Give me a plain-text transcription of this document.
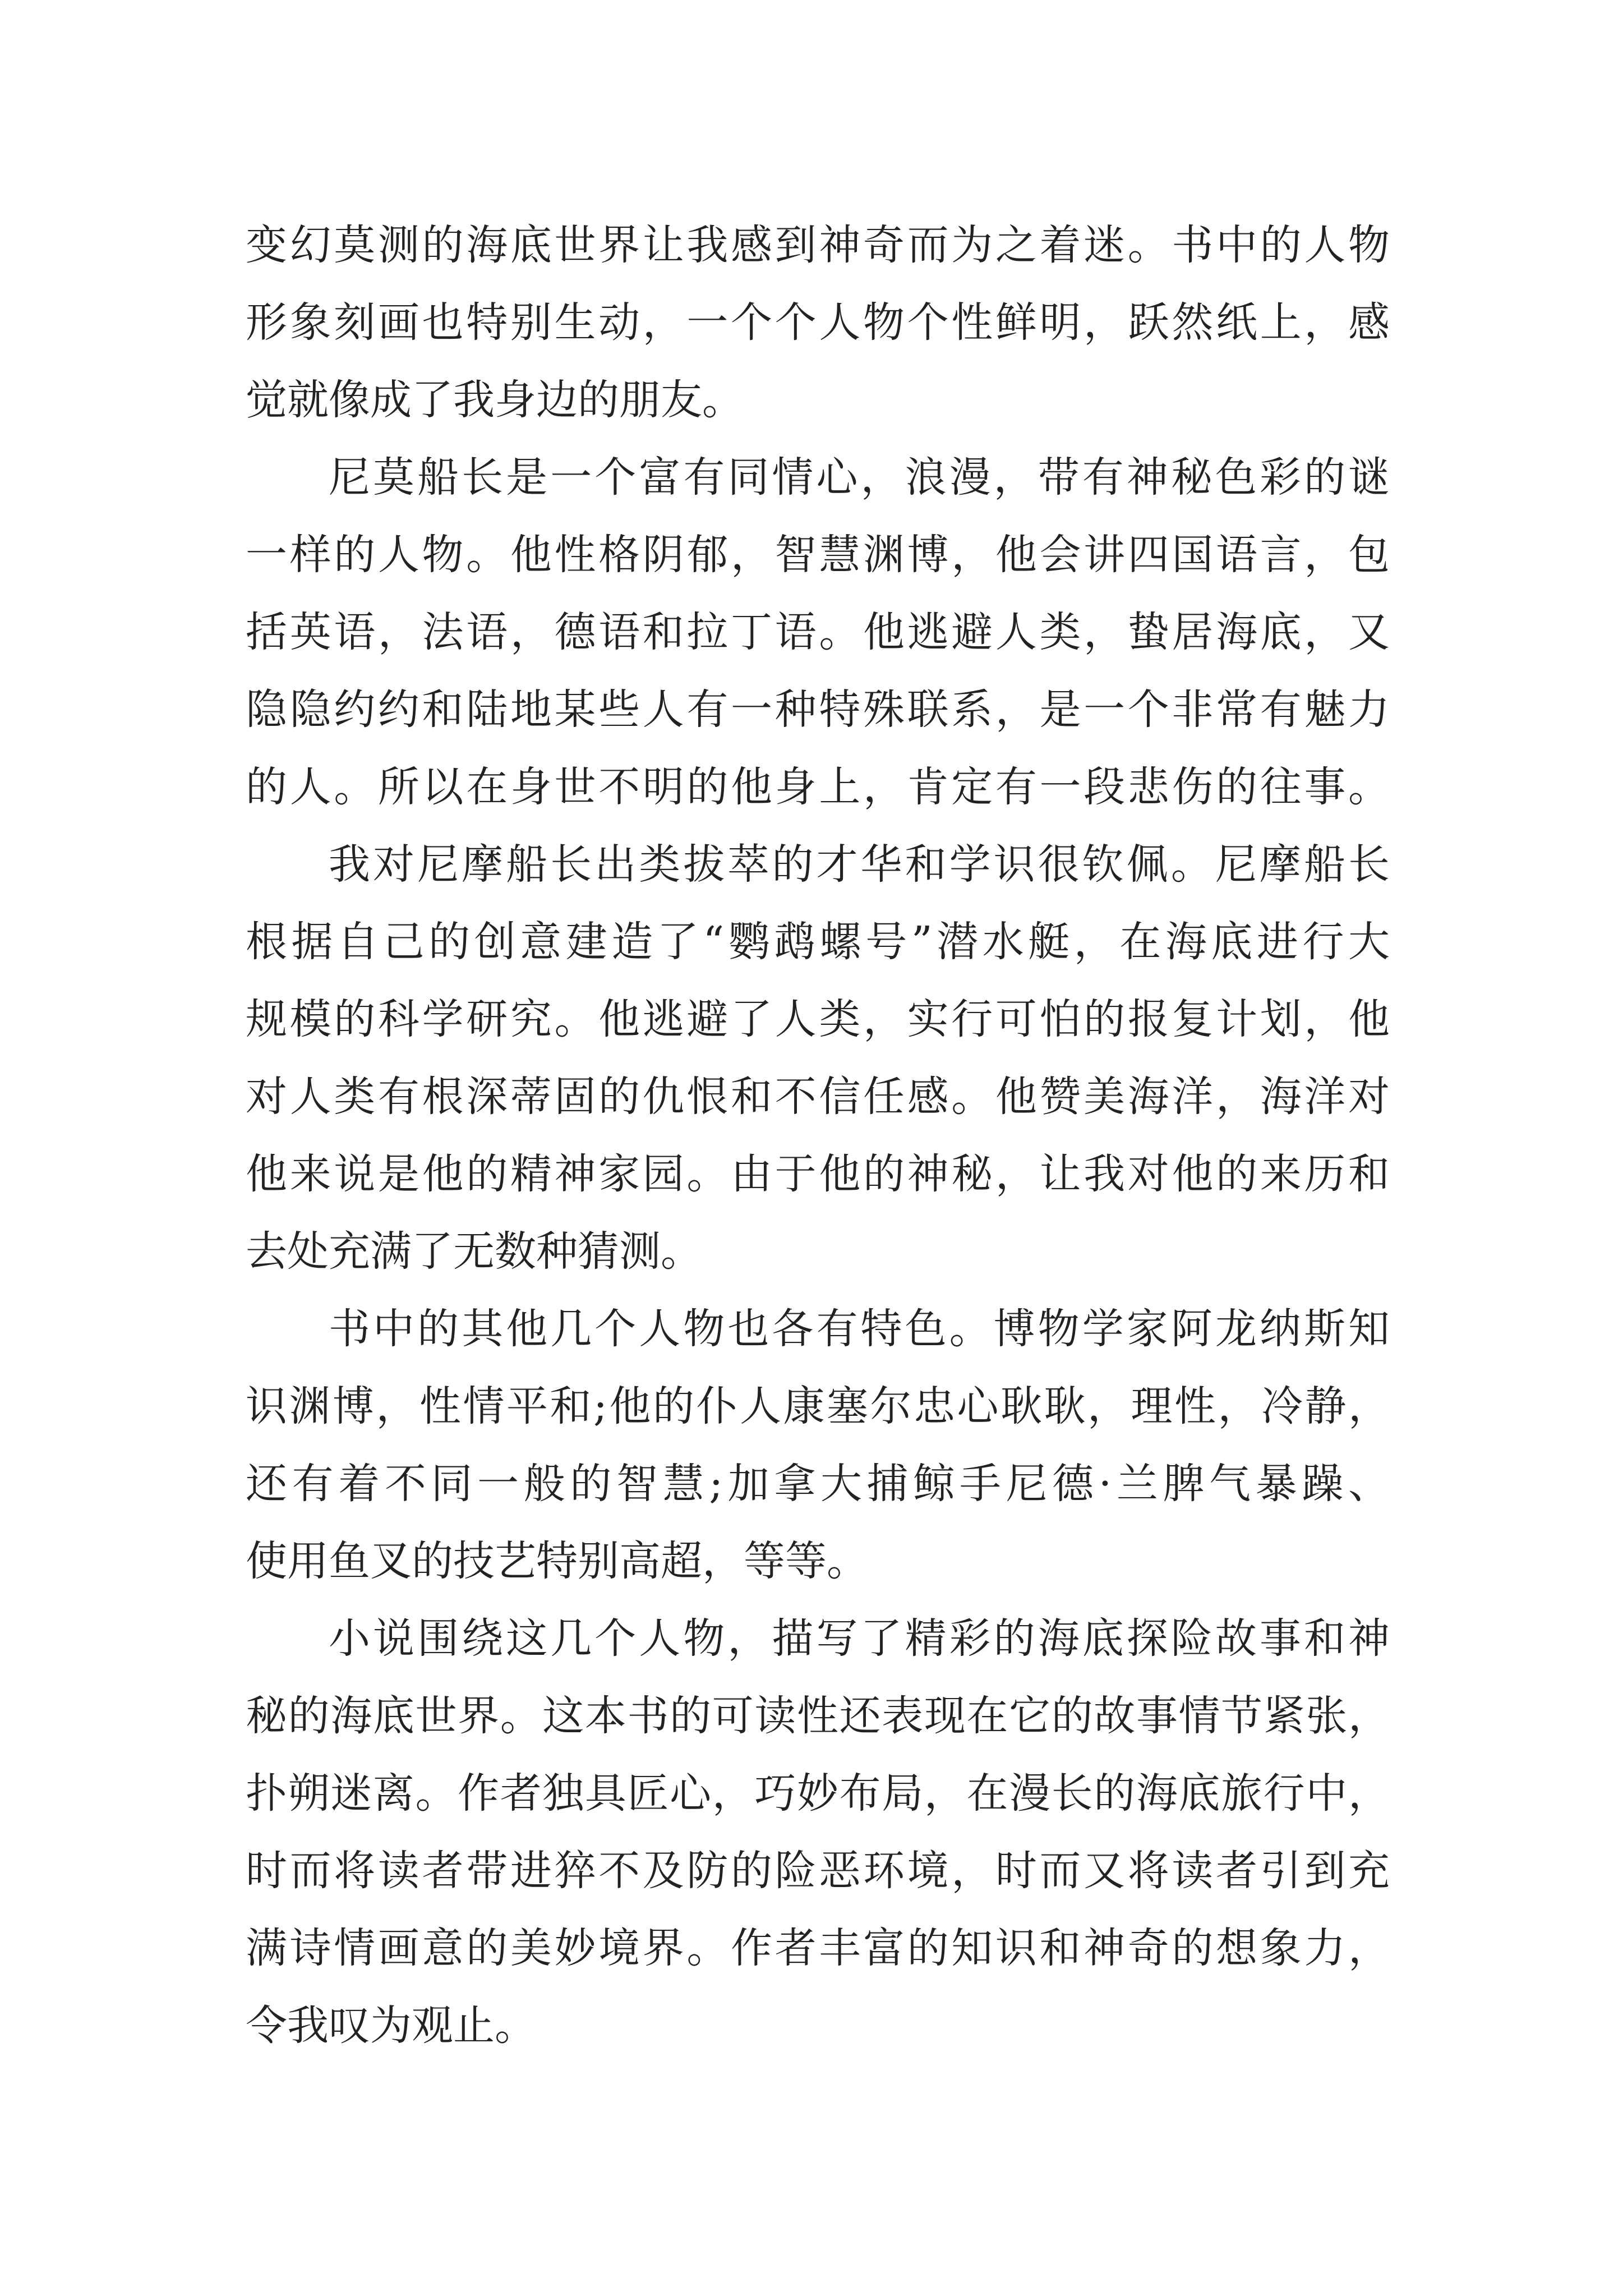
变幻莫测的海底世界让我感到神奇而为之着迷。书中的人物
形象刻画也特别生动，一个个人物个性鲜明，跃然纸上，感
觉就像成了我身边的朋友。
尼莫船长是一个富有同情心，浪漫，带有神秘色彩的谜
一样的人物。他性格阴郁，智慧渊博，他会讲四国语言，包
括英语，法语，德语和拉丁语。他逃避人类，蛰居海底，又
隐隐约约和陆地某些人有一种特殊联系，是一个非常有魅力
的人。所以在身世不明的他身上，肯定有一段悲伤的往事。
我对尼摩船长出类拔萃的才华和学识很钦佩。尼摩船长
根据自己的创意建造了“鹦鹉螺号”潜水艇，在海底进行大
规模的科学研究。他逃避了人类，实行可怕的报复计划，他
对人类有根深蒂固的仇恨和不信任感。他赞美海洋，海洋对
他来说是他的精神家园。由于他的神秘，让我对他的来历和
去处充满了无数种猜测。
书中的其他几个人物也各有特色。博物学家阿龙纳斯知
识渊博，性情平和;他的仆人康塞尔忠心耿耿，理性，冷静，
还有着不同一般的智慧;加拿大捕鲸手尼德·兰脾气暴躁、
使用鱼叉的技艺特别高超，等等。
小说围绕这几个人物，描写了精彩的海底探险故事和神
秘的海底世界。这本书的可读性还表现在它的故事情节紧张，
扑朔迷离。作者独具匠心，巧妙布局，在漫长的海底旅行中，
时而将读者带进猝不及防的险恶环境，时而又将读者引到充
满诗情画意的美妙境界。作者丰富的知识和神奇的想象力，
令我叹为观止。
